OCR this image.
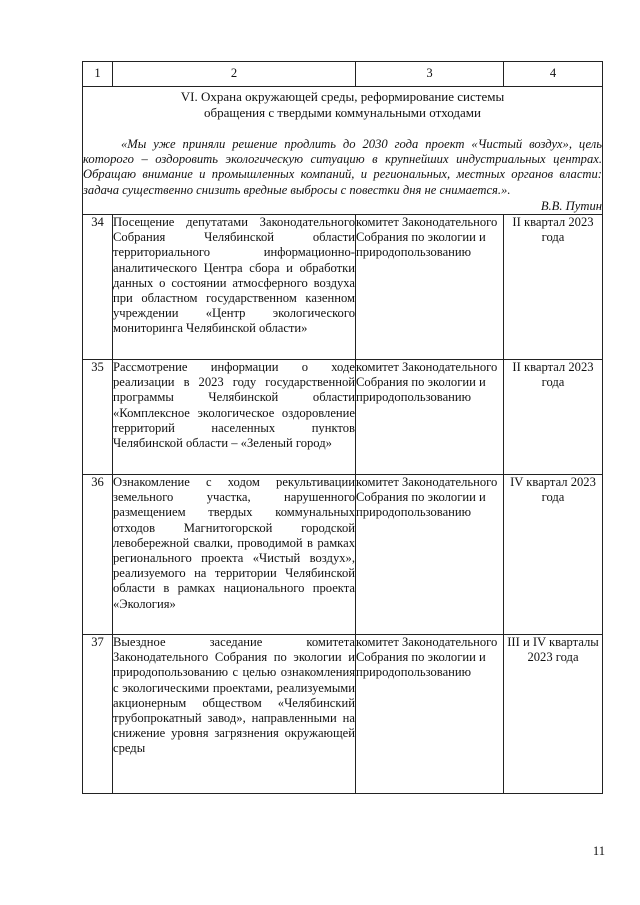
1	2	3	4

VI. Охрана окружающей среды, реформирование системы
обращения с твердыми коммунальными отходами

«Мы уже приняли решение продлить до 2030 года проект «Чистый воздух», цель которого – оздоровить экологическую ситуацию в крупнейших индустриальных центрах. Обращаю внимание и промышленных компаний, и региональных, местных органов власти: задача существенно снизить вредные выбросы с повестки дня не снимается.».

В.В. Путин			

34	Посещение депутатами Законодательного Собрания Челябинской области территориального информационно-аналитического Центра сбора и обработки данных о состоянии атмосферного воздуха при областном государственном казенном учреждении «Центр экологического мониторинга Челябинской области»	комитет Законодательного Собрания по экологии и природопользованию	II квартал 2023 года
35	Рассмотрение информации о ходе реализации в 2023 году государственной программы Челябинской области «Комплексное экологическое оздоровление территорий населенных пунктов Челябинской области – «Зеленый город»	комитет Законодательного Собрания по экологии и природопользованию	II квартал 2023 года
36	Ознакомление с ходом рекультивации земельного участка, нарушенного размещением твердых коммунальных отходов Магнитогорской городской левобережной свалки, проводимой в рамках регионального проекта «Чистый воздух», реализуемого на территории Челябинской области в рамках национального проекта «Экология»	комитет Законодательного Собрания по экологии и природопользованию	IV квартал 2023 года
37	Выездное заседание комитета Законодательного Собрания по экологии и природопользованию с целью ознакомления с экологическими проектами, реализуемыми акционерным обществом «Челябинский трубопрокатный завод», направленными на снижение уровня загрязнения окружающей среды	комитет Законодательного Собрания по экологии и природопользованию	III и IV кварталы 2023 года
11
